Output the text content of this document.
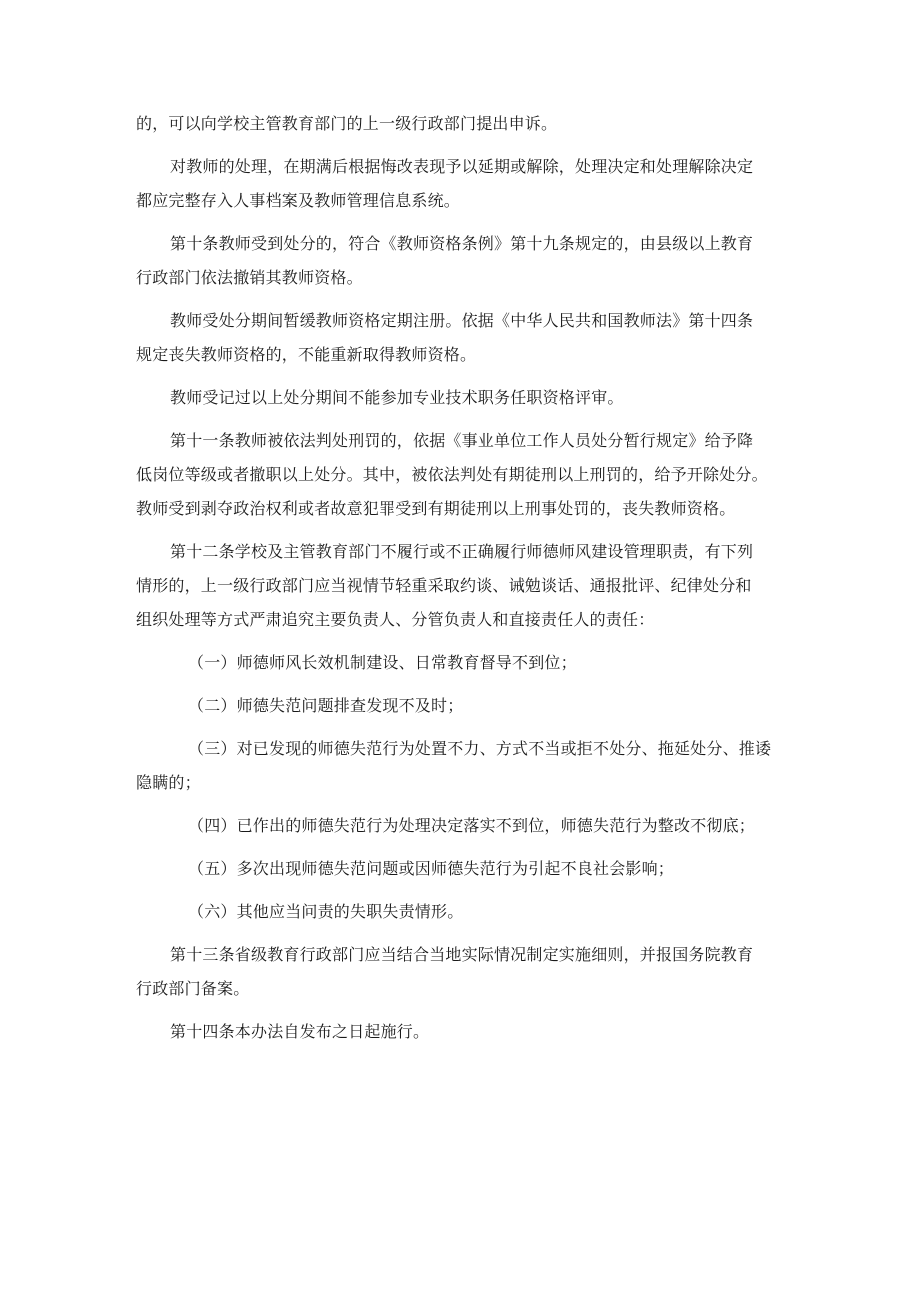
的，可以向学校主管教育部门的上一级行政部门提出申诉。
对教师的处理，在期满后根据悔改表现予以延期或解除，处理决定和处理解除决定
都应完整存入人事档案及教师管理信息系统。
第十条教师受到处分的，符合《教师资格条例》第十九条规定的，由县级以上教育
行政部门依法撤销其教师资格。
教师受处分期间暂缓教师资格定期注册。依据《中华人民共和国教师法》第十四条
规定丧失教师资格的，不能重新取得教师资格。
教师受记过以上处分期间不能参加专业技术职务任职资格评审。
第十一条教师被依法判处刑罚的，依据《事业单位工作人员处分暂行规定》给予降
低岗位等级或者撤职以上处分。其中，被依法判处有期徒刑以上刑罚的，给予开除处分。
教师受到剥夺政治权利或者故意犯罪受到有期徒刑以上刑事处罚的，丧失教师资格。
第十二条学校及主管教育部门不履行或不正确履行师德师风建设管理职责，有下列
情形的，上一级行政部门应当视情节轻重采取约谈、诫勉谈话、通报批评、纪律处分和
组织处理等方式严肃追究主要负责人、分管负责人和直接责任人的责任：
（一）师德师风长效机制建设、日常教育督导不到位；
（二）师德失范问题排查发现不及时；
（三）对已发现的师德失范行为处置不力、方式不当或拒不处分、拖延处分、推诿
隐瞒的；
（四）已作出的师德失范行为处理决定落实不到位，师德失范行为整改不彻底；
（五）多次出现师德失范问题或因师德失范行为引起不良社会影响；
（六）其他应当问责的失职失责情形。
第十三条省级教育行政部门应当结合当地实际情况制定实施细则，并报国务院教育
行政部门备案。
第十四条本办法自发布之日起施行。
